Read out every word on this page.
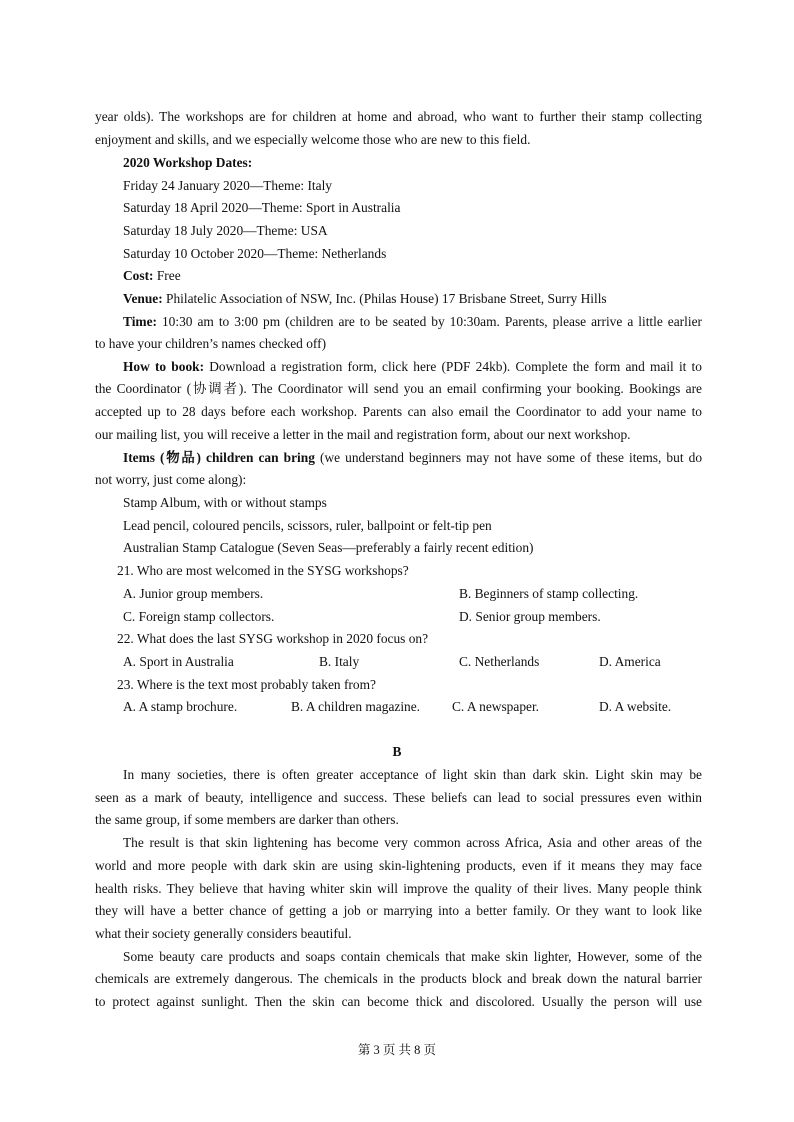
year olds). The workshops are for children at home and abroad, who want to further their stamp collecting
enjoyment and skills, and we especially welcome those who are new to this field.
2020 Workshop Dates:
Friday 24 January 2020—Theme: Italy
Saturday 18 April 2020—Theme: Sport in Australia
Saturday 18 July 2020—Theme: USA
Saturday 10 October 2020—Theme: Netherlands
Cost: Free
Venue: Philatelic Association of NSW, Inc. (Philas House) 17 Brisbane Street, Surry Hills
Time: 10:30 am to 3:00 pm (children are to be seated by 10:30am. Parents, please arrive a little earlier
to have your children’s names checked off)
How to book: Download a registration form, click here (PDF 24kb). Complete the form and mail it to
the Coordinator (协调者). The Coordinator will send you an email confirming your booking. Bookings are
accepted up to 28 days before each workshop. Parents can also email the Coordinator to add your name to
our mailing list, you will receive a letter in the mail and registration form, about our next workshop.
Items (物品) children can bring (we understand beginners may not have some of these items, but do
not worry, just come along):
Stamp Album, with or without stamps
Lead pencil, coloured pencils, scissors, ruler, ballpoint or felt-tip pen
Australian Stamp Catalogue (Seven Seas—preferably a fairly recent edition)
21. Who are most welcomed in the SYSG workshops?
A. Junior group members.	B. Beginners of stamp collecting.
C. Foreign stamp collectors.	D. Senior group members.
22. What does the last SYSG workshop in 2020 focus on?
A. Sport in Australia	B. Italy	C. Netherlands	D. America
23. Where is the text most probably taken from?
A. A stamp brochure.	B. A children magazine. C. A newspaper.	D. A website.
B
In many societies, there is often greater acceptance of light skin than dark skin. Light skin may be
seen as a mark of beauty, intelligence and success. These beliefs can lead to social pressures even within
the same group, if some members are darker than others.
The result is that skin lightening has become very common across Africa, Asia and other areas of the
world and more people with dark skin are using skin-lightening products, even if it means they may face
health risks. They believe that having whiter skin will improve the quality of their lives. Many people think
they will have a better chance of getting a job or marrying into a better family. Or they want to look like
what their society generally considers beautiful.
Some beauty care products and soaps contain chemicals that make skin lighter, However, some of the
chemicals are extremely dangerous. The chemicals in the products block and break down the natural barrier
to protect against sunlight. Then the skin can become thick and discolored. Usually the person will use
第 3 页 共 8 页
